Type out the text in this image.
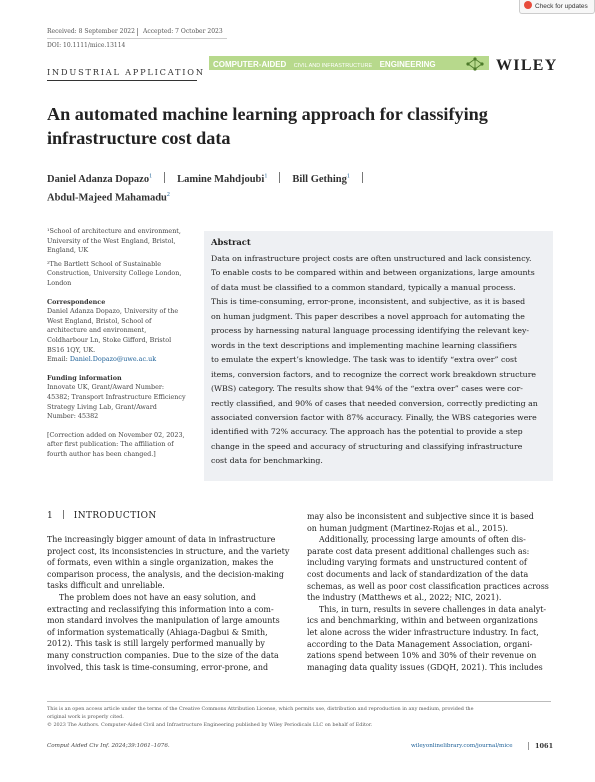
Check for updates
Received: 8 September 2022 Accepted: 7 October 2023
DOI: 10.1111/mice.13114
INDUSTRIAL APPLICATION
COMPUTER-AIDED CIVIL AND INFRASTRUCTURE ENGINEERING	WILEY
An automated machine learning approach for classifying
infrastructure cost data
Daniel Adanza Dopazo$^1$ Lamine Mahdjoubi$^1$ Bill Gething$^1$
Abdul-Majeed Mahamadu$^2$
¹School of architecture and environment,
University of the West England, Bristol,
England, UK
²The Bartlett School of Sustainable
Construction, University College London,
London
Correspondence
Daniel Adanza Dopazo, University of the
West England, Bristol, School of
architecture and environment,
Coldharbour Ln, Stoke Gifford, Bristol
BS16 1QY, UK.
Email: Daniel.Dopazo@uwe.ac.uk
Funding information
Innovate UK, Grant/Award Number:
45382; Transport Infrastructure Efficiency
Strategy Living Lab, Grant/Award
Number: 45382
[Correction added on November 02, 2023,
after first publication: The affiliation of
fourth author has been changed.]
Abstract
Data on infrastructure project costs are often unstructured and lack consistency.
To enable costs to be compared within and between organizations, large amounts
of data must be classified to a common standard, typically a manual process.
This is time-consuming, error-prone, inconsistent, and subjective, as it is based
on human judgment. This paper describes a novel approach for automating the
process by harnessing natural language processing identifying the relevant key-
words in the text descriptions and implementing machine learning classifiers
to emulate the expert’s knowledge. The task was to identify “extra over” cost
items, conversion factors, and to recognize the correct work breakdown structure
(WBS) category. The results show that 94% of the “extra over” cases were cor-
rectly classified, and 90% of cases that needed conversion, correctly predicting an
associated conversion factor with 87% accuracy. Finally, the WBS categories were
identified with 72% accuracy. The approach has the potential to provide a step
change in the speed and accuracy of structuring and classifying infrastructure
cost data for benchmarking.
1 INTRODUCTION
The increasingly bigger amount of data in infrastructure
project cost, its inconsistencies in structure, and the variety
of formats, even within a single organization, makes the
comparison process, the analysis, and the decision-making
tasks difficult and unreliable.
The problem does not have an easy solution, and
extracting and reclassifying this information into a com-
mon standard involves the manipulation of large amounts
of information systematically (Ahiaga-Dagbui & Smith,
2012). This task is still largely performed manually by
many construction companies. Due to the size of the data
involved, this task is time-consuming, error-prone, and
may also be inconsistent and subjective since it is based
on human judgment (Martinez-Rojas et al., 2015).
Additionally, processing large amounts of often dis-
parate cost data present additional challenges such as:
including varying formats and unstructured content of
cost documents and lack of standardization of the data
schemas, as well as poor cost classification practices across
the industry (Matthews et al., 2022; NIC, 2021).
This, in turn, results in severe challenges in data analyt-
ics and benchmarking, within and between organizations
let alone across the wider infrastructure industry. In fact,
according to the Data Management Association, organi-
zations spend between 10% and 30% of their revenue on
managing data quality issues (GDQH, 2021). This includes
This is an open access article under the terms of the Creative Commons Attribution License, which permits use, distribution and reproduction in any medium, provided the
original work is properly cited.
© 2023 The Authors. Computer-Aided Civil and Infrastructure Engineering published by Wiley Periodicals LLC on behalf of Editor.
Comput Aided Civ Inf. 2024;39:1061–1076.	wileyonlinelibrary.com/journal/mice	1061
